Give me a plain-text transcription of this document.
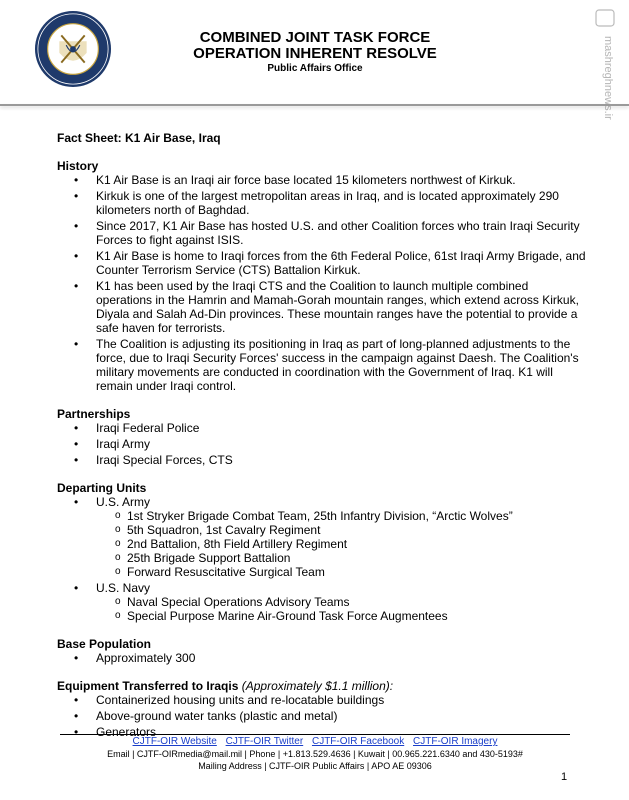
COMBINED JOINT TASK FORCE
OPERATION INHERENT RESOLVE
Public Affairs Office	mashreghnews.ir
Fact Sheet: K1 Air Base, Iraq
History
• K1 Air Base is an Iraqi air force base located 15 kilometers northwest of Kirkuk.
• Kirkuk is one of the largest metropolitan areas in Iraq, and is located approximately 290 kilometers north of Baghdad.
• Since 2017, K1 Air Base has hosted U.S. and other Coalition forces who train Iraqi Security Forces to fight against ISIS.
• K1 Air Base is home to Iraqi forces from the 6th Federal Police, 61st Iraqi Army Brigade, and Counter Terrorism Service (CTS) Battalion Kirkuk.
• K1 has been used by the Iraqi CTS and the Coalition to launch multiple combined operations in the Hamrin and Mamah-Gorah mountain ranges, which extend across Kirkuk, Diyala and Salah Ad-Din provinces. These mountain ranges have the potential to provide a safe haven for terrorists.
• The Coalition is adjusting its positioning in Iraq as part of long-planned adjustments to the force, due to Iraqi Security Forces' success in the campaign against Daesh. The Coalition's military movements are conducted in coordination with the Government of Iraq. K1 will remain under Iraqi control.
Partnerships
• Iraqi Federal Police
• Iraqi Army
• Iraqi Special Forces, CTS
Departing Units
• U.S. Army
o 1st Stryker Brigade Combat Team, 25th Infantry Division, “Arctic Wolves”
o 5th Squadron, 1st Cavalry Regiment
o 2nd Battalion, 8th Field Artillery Regiment
o 25th Brigade Support Battalion
o Forward Resuscitative Surgical Team
• U.S. Navy
o Naval Special Operations Advisory Teams
o Special Purpose Marine Air-Ground Task Force Augmentees
Base Population
• Approximately 300
Equipment Transferred to Iraqis (Approximately $1.1 million):
• Containerized housing units and re-locatable buildings
• Above-ground water tanks (plastic and metal)
• Generators
CJTF-OIR Website CJTF-OIR Twitter CJTF-OIR Facebook CJTF-OIR Imagery
Email | CJTF-OIRmedia@mail.mil | Phone | +1.813.529.4636 | Kuwait | 00.965.221.6340 and 430-5193#
Mailing Address | CJTF-OIR Public Affairs | APO AE 09306
1
